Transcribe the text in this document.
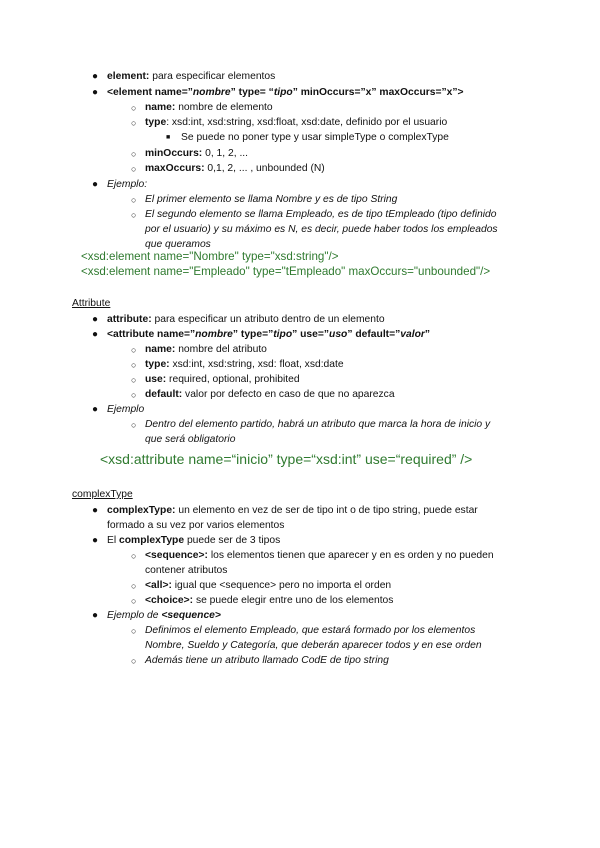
● element: para especificar elementos
● <element name=”nombre” type= “tipo” minOccurs=”x” maxOccurs=”x”>
○ name: nombre de elemento
○ type: xsd:int, xsd:string, xsd:float, xsd:date, definido por el usuario
■ Se puede no poner type y usar simpleType o complexType
○ minOccurs: 0, 1, 2, ...
○ maxOccurs: 0,1, 2, ... , unbounded (N)
● Ejemplo:
○ El primer elemento se llama Nombre y es de tipo String
○ El segundo elemento se llama Empleado, es de tipo tEmpleado (tipo definido
por el usuario) y su máximo es N, es decir, puede haber todos los empleados
que queramos
<xsd:element name="Nombre" type="xsd:string"/>
<xsd:element name="Empleado" type="tEmpleado" maxOccurs="unbounded"/>
Attribute
● attribute: para especificar un atributo dentro de un elemento
● <attribute name=”nombre” type=”tipo” use=”uso” default=”valor”
○ name: nombre del atributo
○ type: xsd:int, xsd:string, xsd: float, xsd:date
○ use: required, optional, prohibited
○ default: valor por defecto en caso de que no aparezca
● Ejemplo
○ Dentro del elemento partido, habrá un atributo que marca la hora de inicio y
que será obligatorio
<xsd:attribute name=“inicio” type=“xsd:int” use=“required” />
complexType
● complexType: un elemento en vez de ser de tipo int o de tipo string, puede estar
formado a su vez por varios elementos
● El complexType puede ser de 3 tipos
○ <sequence>: los elementos tienen que aparecer y en es orden y no pueden
contener atributos
○ <all>: igual que <sequence> pero no importa el orden
○ <choice>: se puede elegir entre uno de los elementos
● Ejemplo de <sequence>
○ Definimos el elemento Empleado, que estará formado por los elementos
Nombre, Sueldo y Categoría, que deberán aparecer todos y en ese orden
○ Además tiene un atributo llamado CodE de tipo string
